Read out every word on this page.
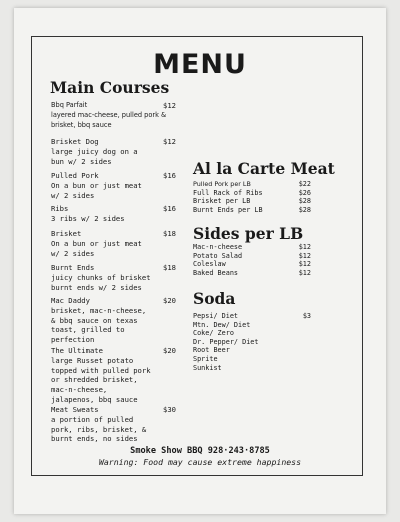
MENU
Main Courses
Bbq Parfait	$12
layered mac-cheese, pulled pork &
brisket, bbq sauce
Brisket Dog	$12
large juicy dog on a
bun w/ 2 sides
Pulled Pork	$16
On a bun or just meat
w/ 2 sides
Ribs	$16
3 ribs w/ 2 sides
Brisket	$18
On a bun or just meat
w/ 2 sides
Burnt Ends	$18
juicy chunks of brisket
burnt ends w/ 2 sides
Mac Daddy	$20
brisket, mac-n-cheese,
& bbq sauce on texas
toast, grilled to
perfection
The Ultimate	$20
large Russet potato
topped with pulled pork
or shredded brisket,
mac-n-cheese,
jalapenos, bbq sauce
Meat Sweats	$30
a portion of pulled
pork, ribs, brisket, &
burnt ends, no sides
Al la Carte Meat
Pulled Pork per LB	$22
Full Rack of Ribs	$26
Brisket per LB	$28
Burnt Ends per LB	$28
Sides per LB
Mac-n-cheese	$12
Potato Salad	$12
Coleslaw	$12
Baked Beans	$12
Soda
Pepsi/ Diet	$3
Mtn. Dew/ Diet
Coke/ Zero
Dr. Pepper/ Diet
Root Beer
Sprite
Sunkist
Smoke Show BBQ 928·243·8785
Warning: Food may cause extreme happiness
